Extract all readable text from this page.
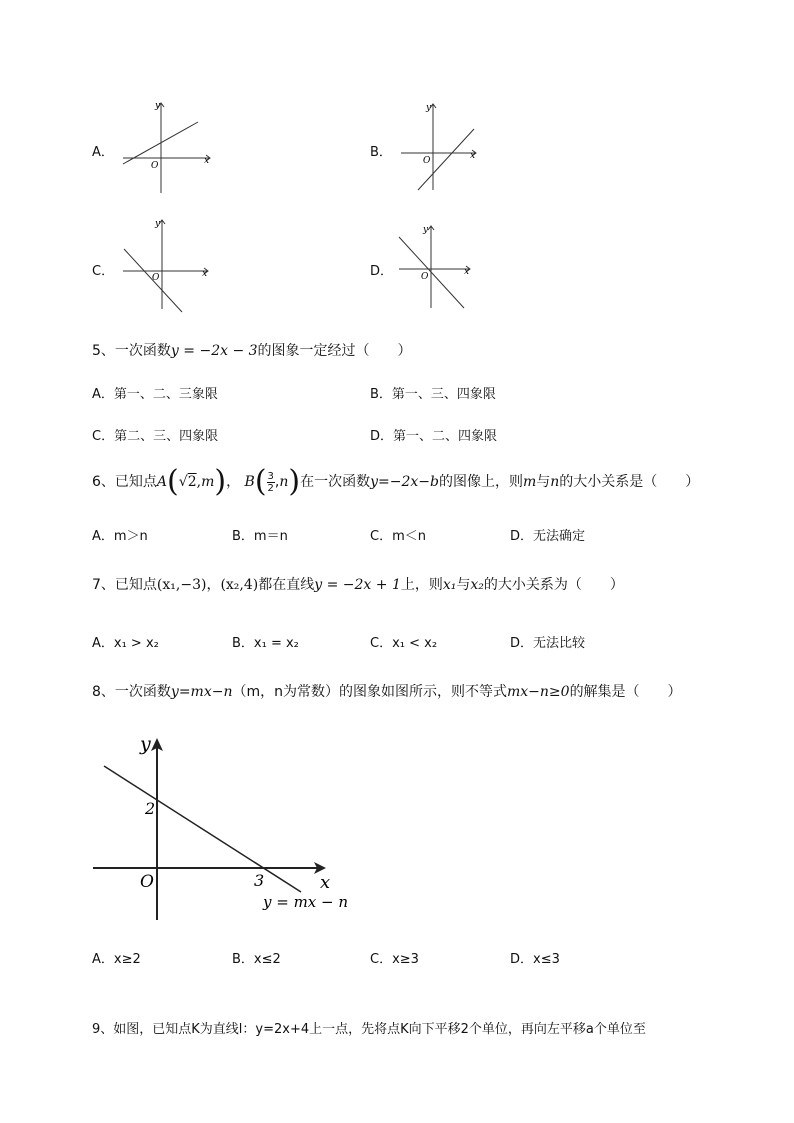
A．
y
x
O
B．
y
x
O
C．
y
x
O	D．
y
x
O
5、一次函数y = −2x − 3的图象一定经过（　　）
A．第一、二、三象限	B．第一、三、四象限
C．第二、三、四象限	D．第一、二、四象限
6、已知点A(√2,m)， $B( \frac{3}{2} ,n)$在一次函数y=−2x−b的图像上，则m与n的大小关系是（　　）
A．m＞n	B．m＝n	C．m＜n	D．无法确定
7、已知点(x₁,−3)，(x₂,4)都在直线y = −2x + 1上，则x₁与x₂的大小关系为（　　）
A．x₁ > x₂	B．x₁ = x₂	C．x₁ < x₂	D．无法比较
8、一次函数y=mx−n（m，n为常数）的图象如图所示，则不等式mx−n≥0的解集是（　　）
y
x
O
2
3
y = mx − n
A．x≥2	B．x≤2	C．x≥3	D．x≤3
9、如图，已知点K为直线l：y=2x+4上一点，先将点K向下平移2个单位，再向左平移a个单位至
